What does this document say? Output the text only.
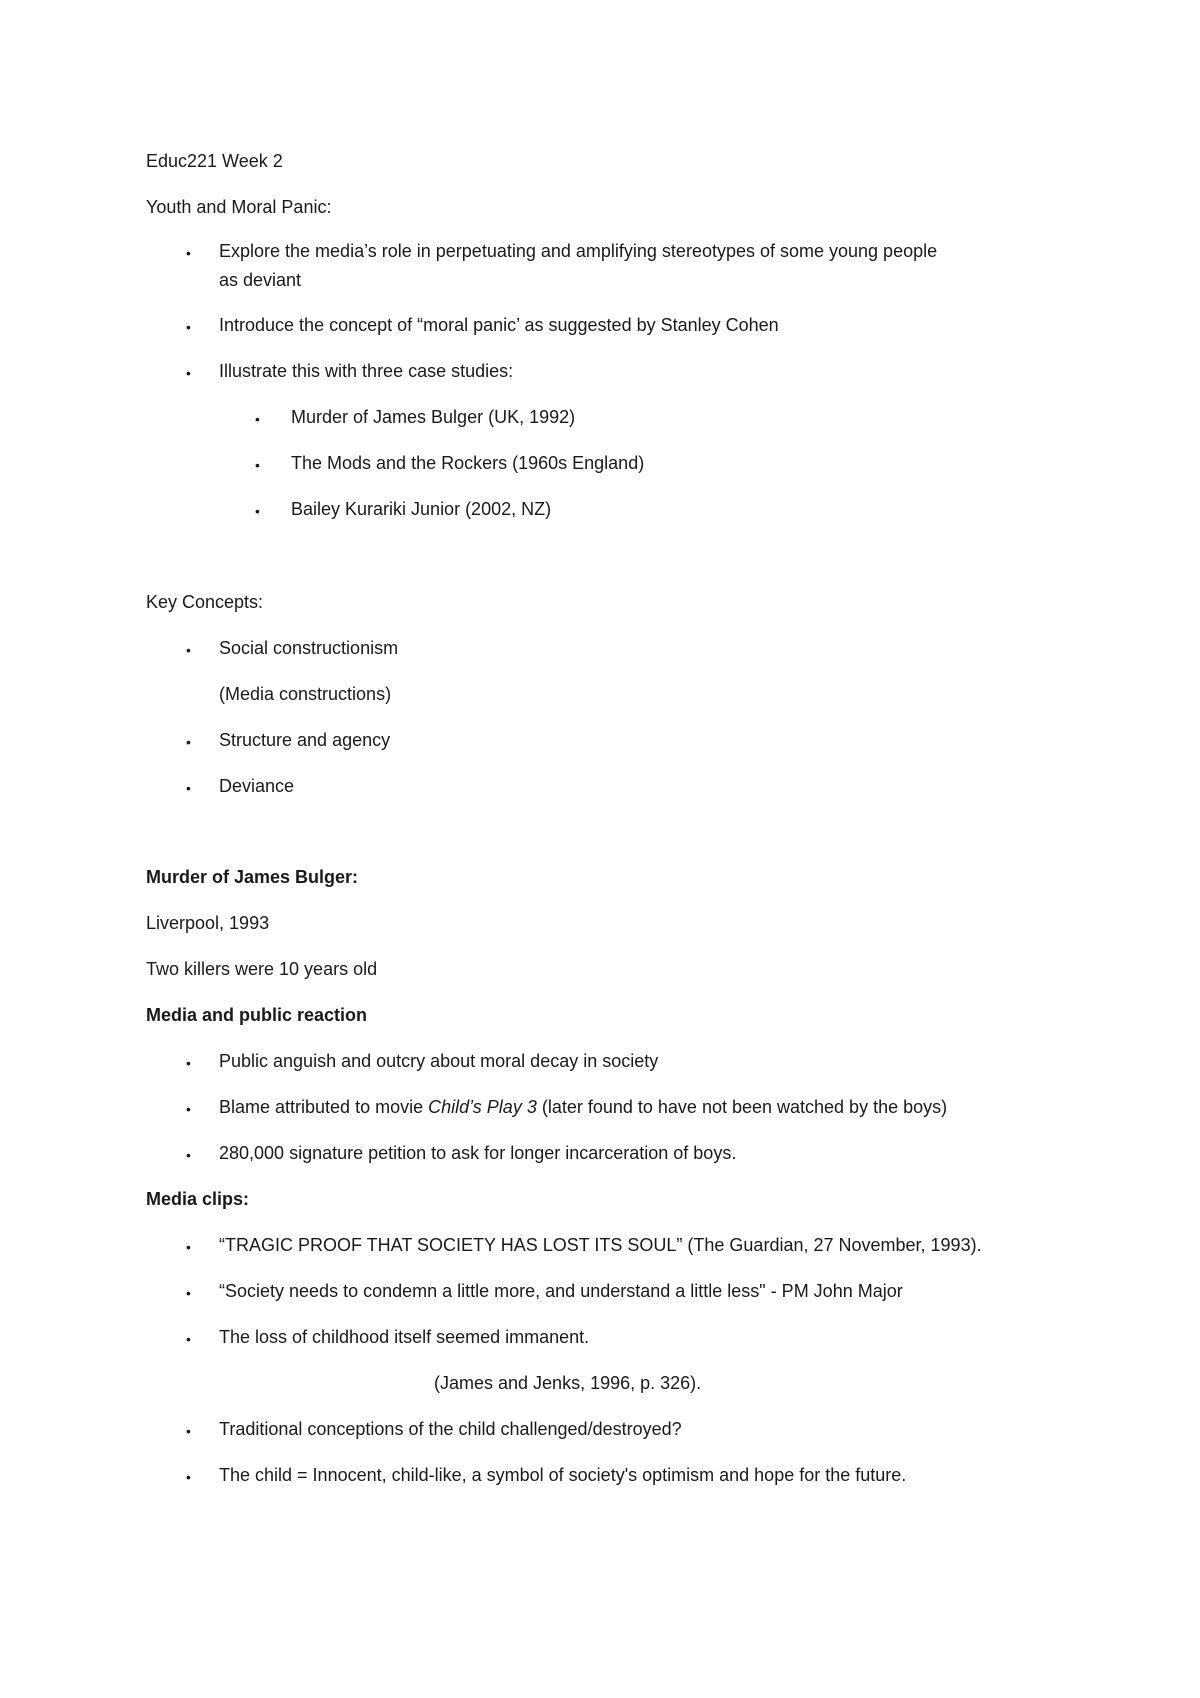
Educ221 Week 2
Youth and Moral Panic:
• Explore the media’s role in perpetuating and amplifying stereotypes of some young people
as deviant
• Introduce the concept of “moral panic’ as suggested by Stanley Cohen
• Illustrate this with three case studies:
• Murder of James Bulger (UK, 1992)
• The Mods and the Rockers (1960s England)
• Bailey Kurariki Junior (2002, NZ)
Key Concepts:
• Social constructionism
(Media constructions)
• Structure and agency
• Deviance
Murder of James Bulger:
Liverpool, 1993
Two killers were 10 years old
Media and public reaction
• Public anguish and outcry about moral decay in society
• Blame attributed to movie Child’s Play 3 (later found to have not been watched by the boys)
• 280,000 signature petition to ask for longer incarceration of boys.
Media clips:
• “TRAGIC PROOF THAT SOCIETY HAS LOST ITS SOUL” (The Guardian, 27 November, 1993).
• “Society needs to condemn a little more, and understand a little less" - PM John Major
• The loss of childhood itself seemed immanent.
(James and Jenks, 1996, p. 326).
• Traditional conceptions of the child challenged/destroyed?
• The child = Innocent, child-like, a symbol of society's optimism and hope for the future.
